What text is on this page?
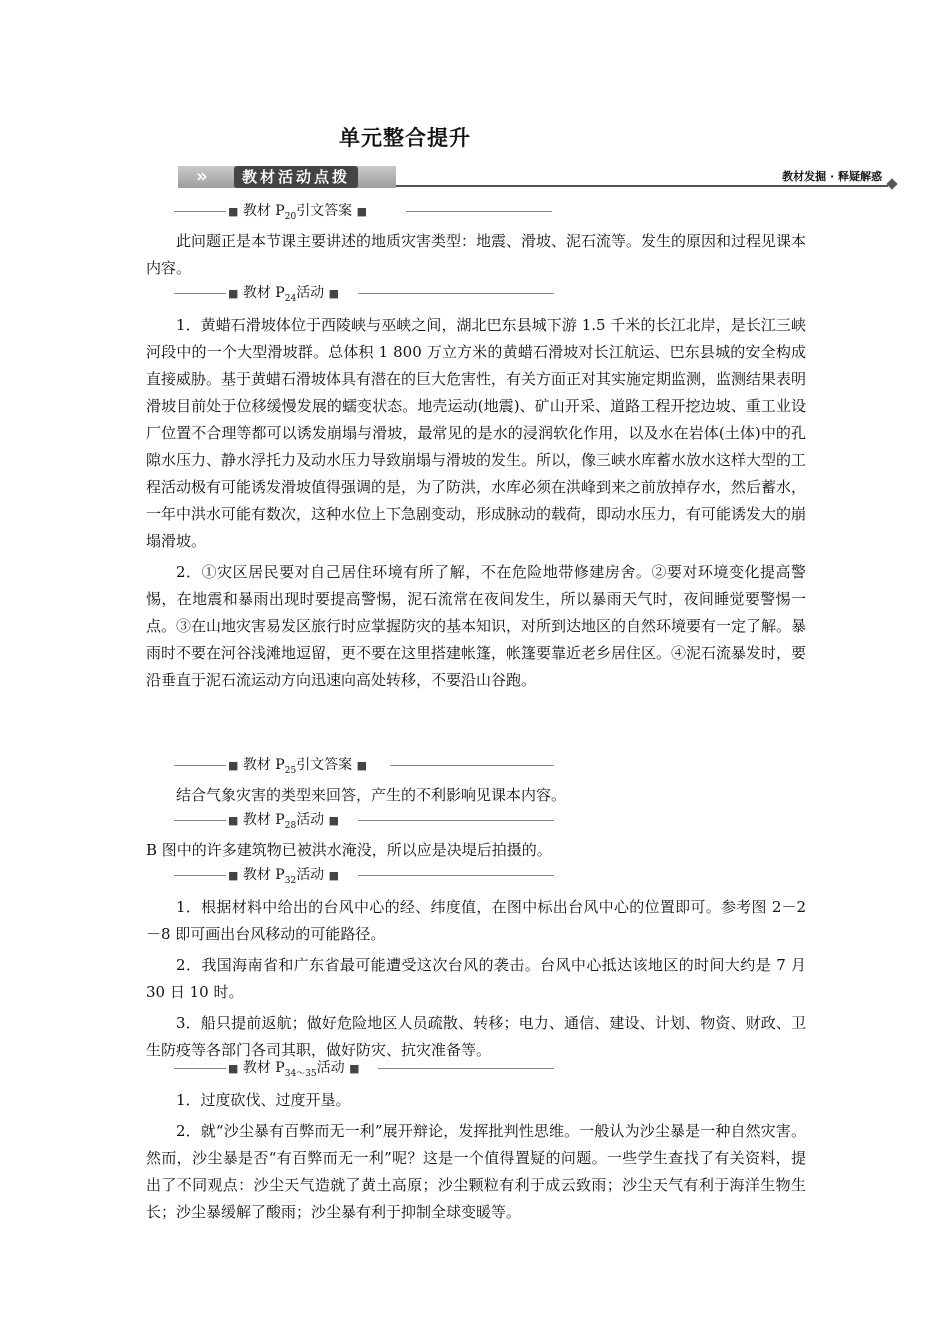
单元整合提升
»	教材活动点拨	教材发掘 · 释疑解惑
■ 教材 $P_{20}$引文答案 ■

此问题正是本节课主要讲述的地质灾害类型：地震、滑坡、泥石流等。发生的原因和过程见课本内容。

■ 教材 $P_{24}$活动 ■

1．黄蜡石滑坡体位于西陵峡与巫峡之间，湖北巴东县城下游 1.5 千米的长江北岸，是长江三峡河段中的一个大型滑坡群。总体积 1 800 万立方米的黄蜡石滑坡对长江航运、巴东县城的安全构成直接威胁。基于黄蜡石滑坡体具有潜在的巨大危害性，有关方面正对其实施定期监测，监测结果表明滑坡目前处于位移缓慢发展的蠕变状态。地壳运动(地震)、矿山开采、道路工程开挖边坡、重工业设厂位置不合理等都可以诱发崩塌与滑坡，最常见的是水的浸润软化作用，以及水在岩体(土体)中的孔隙水压力、静水浮托力及动水压力导致崩塌与滑坡的发生。所以，像三峡水库蓄水放水这样大型的工程活动极有可能诱发滑坡值得强调的是，为了防洪，水库必须在洪峰到来之前放掉存水，然后蓄水，一年中洪水可能有数次，这种水位上下急剧变动，形成脉动的载荷，即动水压力，有可能诱发大的崩塌滑坡。

2．①灾区居民要对自己居住环境有所了解，不在危险地带修建房舍。②要对环境变化提高警惕，在地震和暴雨出现时要提高警惕，泥石流常在夜间发生，所以暴雨天气时，夜间睡觉要警惕一点。③在山地灾害易发区旅行时应掌握防灾的基本知识，对所到达地区的自然环境要有一定了解。暴雨时不要在河谷浅滩地逗留，更不要在这里搭建帐篷，帐篷要靠近老乡居住区。④泥石流暴发时，要沿垂直于泥石流运动方向迅速向高处转移，不要沿山谷跑。

■ 教材 $P_{25}$引文答案 ■

结合气象灾害的类型来回答，产生的不利影响见课本内容。

■ 教材 $P_{28}$活动 ■

B 图中的许多建筑物已被洪水淹没，所以应是决堤后拍摄的。

■ 教材 $P_{32}$活动 ■

1．根据材料中给出的台风中心的经、纬度值，在图中标出台风中心的位置即可。参考图 2－2－8 即可画出台风移动的可能路径。

2．我国海南省和广东省最可能遭受这次台风的袭击。台风中心抵达该地区的时间大约是 7 月 30 日 10 时。

3．船只提前返航；做好危险地区人员疏散、转移；电力、通信、建设、计划、物资、财政、卫生防疫等各部门各司其职，做好防灾、抗灾准备等。

■ 教材 $P_{34\sim 35}$活动 ■

1．过度砍伐、过度开垦。

2．就“沙尘暴有百弊而无一利”展开辩论，发挥批判性思维。一般认为沙尘暴是一种自然灾害。然而，沙尘暴是否“有百弊而无一利”呢？这是一个值得置疑的问题。一些学生查找了有关资料，提出了不同观点：沙尘天气造就了黄土高原；沙尘颗粒有利于成云致雨；沙尘天气有利于海洋生物生长；沙尘暴缓解了酸雨；沙尘暴有利于抑制全球变暖等。
